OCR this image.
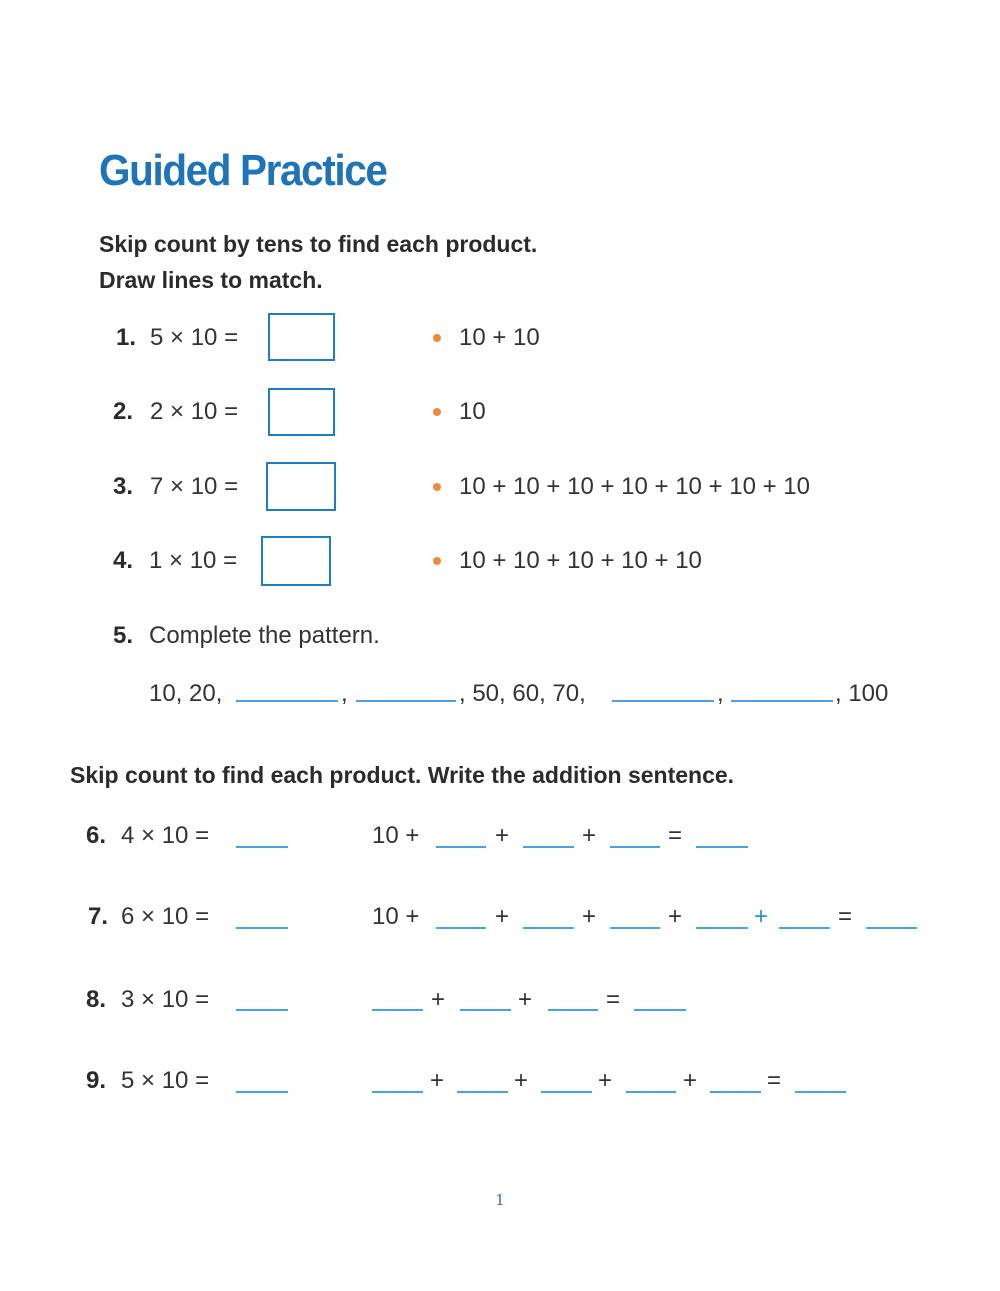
Guided Practice
Skip count by tens to find each product.
Draw lines to match.
1. 5 × 10 =	10 + 10
2. 2 × 10 =	10
3. 7 × 10 =	10 + 10 + 10 + 10 + 10 + 10 + 10
4. 1 × 10 =	10 + 10 + 10 + 10 + 10
5. Complete the pattern.
10, 20,	,	, 50, 60, 70,	,	, 100
Skip count to find each product. Write the addition sentence.
6. 4 × 10 =	10 +	+	+	=
7. 6 × 10 =	10 +	+	+	+	+	=
8. 3 × 10 =	+	+	=
9. 5 × 10 =	+	+	+	+	=
1
